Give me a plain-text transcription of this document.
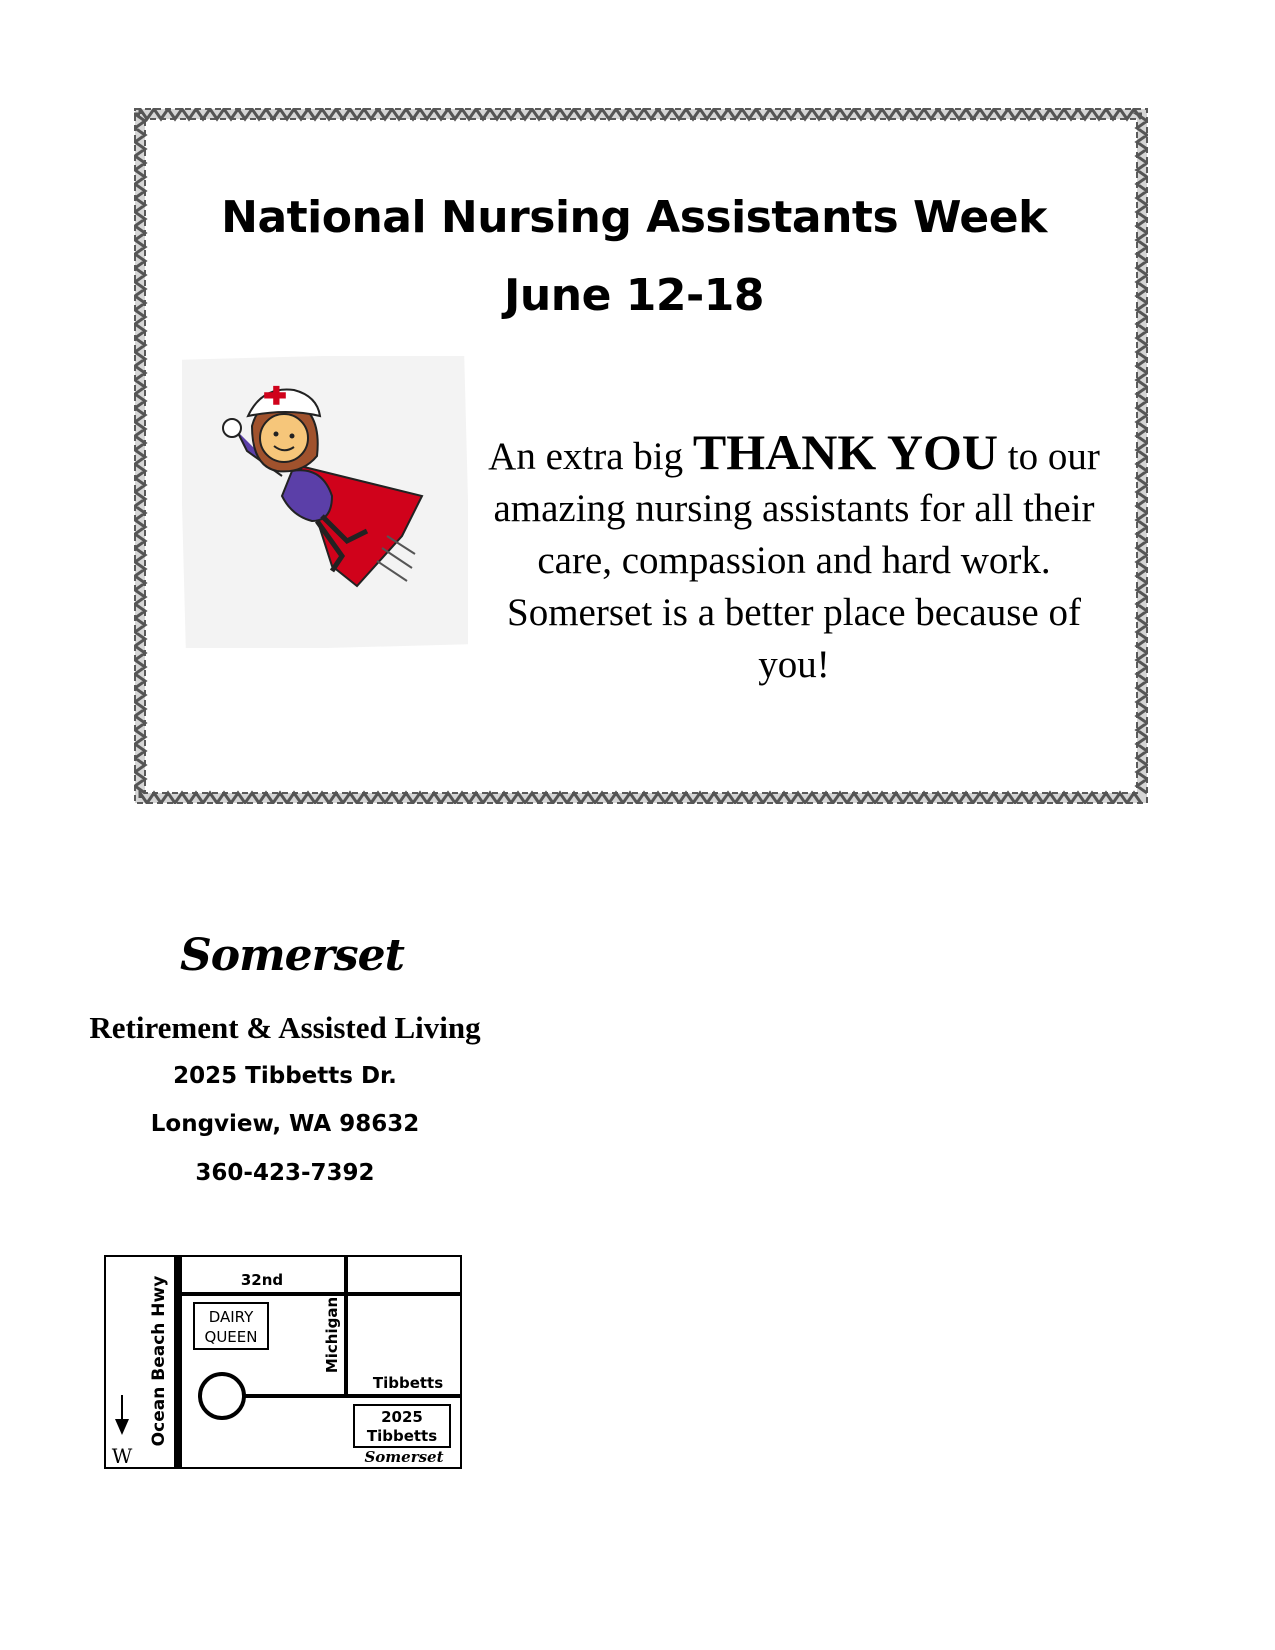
National Nursing Assistants Week
June 12-18
An extra big THANK YOU to our amazing nursing assistants for all their care, compassion and hard work. Somerset is a better place because of you!
Somerset
Retirement & Assisted Living
2025 Tibbetts Dr.
Longview, WA 98632
360-423-7392
DAIRY
QUEEN
32nd
Michigan
Ocean Beach Hwy	Tibbetts
2025
Tibbetts
Somerset
W
